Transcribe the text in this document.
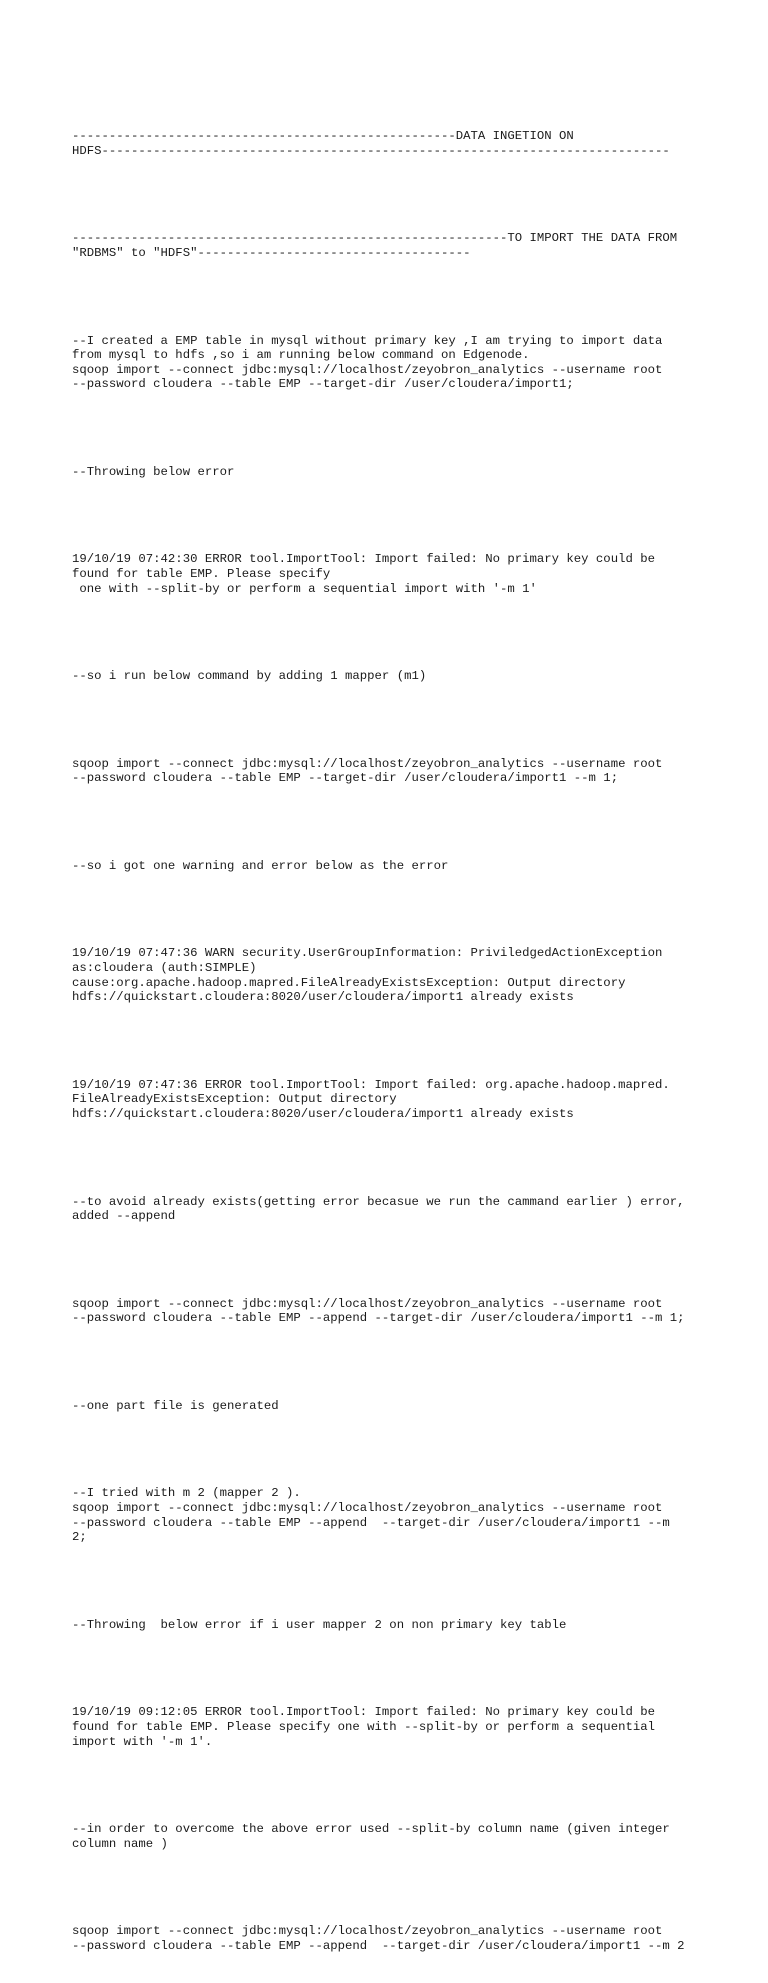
----------------------------------------------------DATA INGETION ON
HDFS-----------------------------------------------------------------------------

-----------------------------------------------------------TO IMPORT THE DATA FROM
"RDBMS" to "HDFS"-------------------------------------

--I created a EMP table in mysql without primary key ,I am trying to import data
from mysql to hdfs ,so i am running below command on Edgenode.
sqoop import --connect jdbc:mysql://localhost/zeyobron_analytics --username root
--password cloudera --table EMP --target-dir /user/cloudera/import1;

--Throwing below error

19/10/19 07:42:30 ERROR tool.ImportTool: Import failed: No primary key could be
found for table EMP. Please specify
one with --split-by or perform a sequential import with '-m 1'

--so i run below command by adding 1 mapper (m1)

sqoop import --connect jdbc:mysql://localhost/zeyobron_analytics --username root
--password cloudera --table EMP --target-dir /user/cloudera/import1 --m 1;

--so i got one warning and error below as the error

19/10/19 07:47:36 WARN security.UserGroupInformation: PriviledgedActionException
as:cloudera (auth:SIMPLE)
cause:org.apache.hadoop.mapred.FileAlreadyExistsException: Output directory
hdfs://quickstart.cloudera:8020/user/cloudera/import1 already exists

19/10/19 07:47:36 ERROR tool.ImportTool: Import failed: org.apache.hadoop.mapred.
FileAlreadyExistsException: Output directory
hdfs://quickstart.cloudera:8020/user/cloudera/import1 already exists

--to avoid already exists(getting error becasue we run the cammand earlier ) error,
added --append

sqoop import --connect jdbc:mysql://localhost/zeyobron_analytics --username root
--password cloudera --table EMP --append --target-dir /user/cloudera/import1 --m 1;

--one part file is generated

--I tried with m 2 (mapper 2 ).
sqoop import --connect jdbc:mysql://localhost/zeyobron_analytics --username root
--password cloudera --table EMP --append  --target-dir /user/cloudera/import1 --m
2;

--Throwing  below error if i user mapper 2 on non primary key table

19/10/19 09:12:05 ERROR tool.ImportTool: Import failed: No primary key could be
found for table EMP. Please specify one with --split-by or perform a sequential
import with '-m 1'.

--in order to overcome the above error used --split-by column name (given integer
column name )

sqoop import --connect jdbc:mysql://localhost/zeyobron_analytics --username root
--password cloudera --table EMP --append  --target-dir /user/cloudera/import1 --m 2
